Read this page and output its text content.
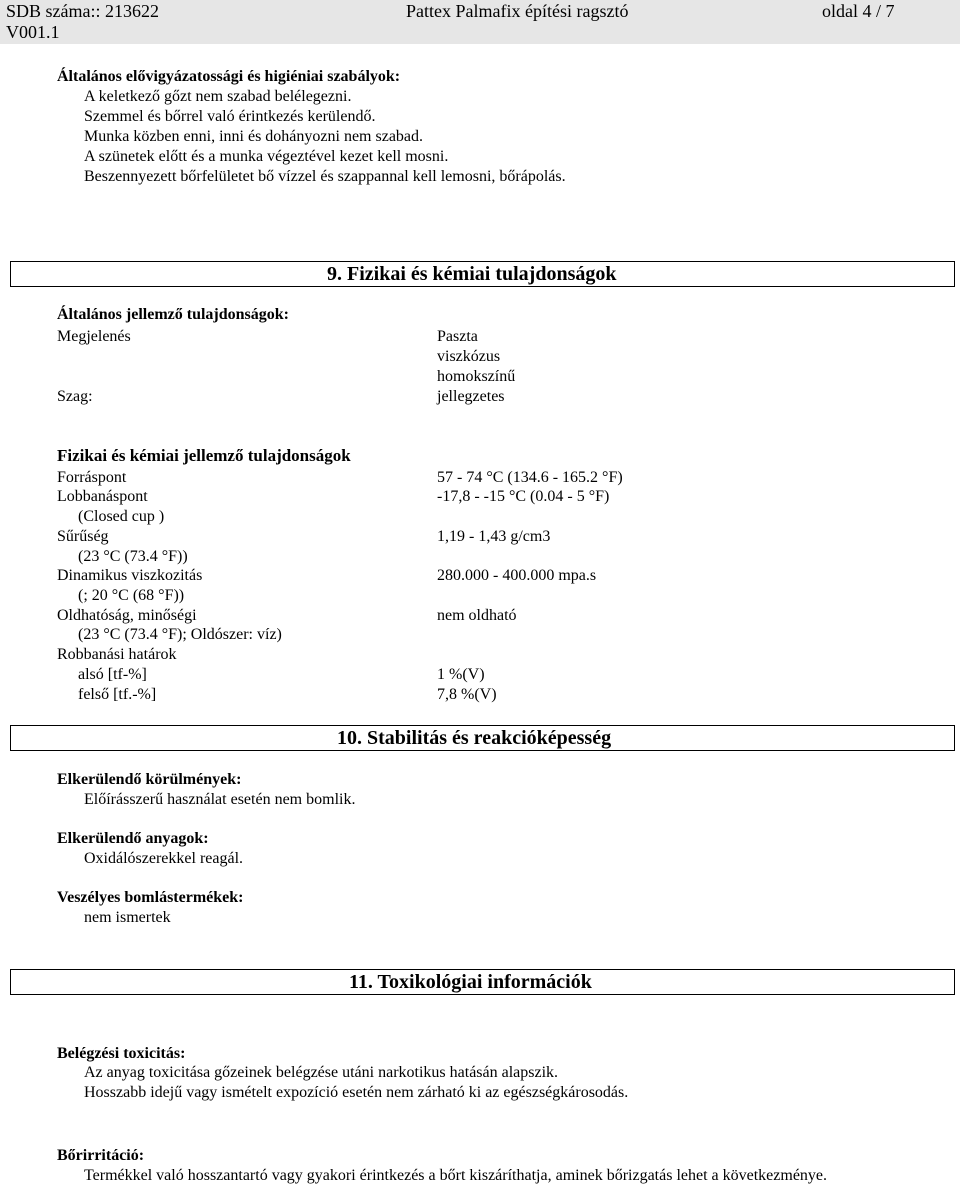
SDB száma:: 213622
V001.1
Pattex Palmafix építési ragsztó	oldal 4 / 7
Általános elővigyázatossági és higiéniai szabályok:
A keletkező gőzt nem szabad belélegezni.
Szemmel és bőrrel való érintkezés kerülendő.
Munka közben enni, inni és dohányozni nem szabad.
A szünetek előtt és a munka végeztével kezet kell mosni.
Beszennyezett bőrfelületet bő vízzel és szappannal kell lemosni, bőrápolás.
9. Fizikai és kémiai tulajdonságok
Általános jellemző tulajdonságok:
Megjelenés	Paszta
viszkózus
homokszínű
Szag:	jellegzetes
Fizikai és kémiai jellemző tulajdonságok
Forráspont	57 - 74 °C (134.6 - 165.2 °F)
Lobbanáspont	-17,8 - -15 °C (0.04 - 5 °F)
(Closed cup )
Sűrűség	1,19 - 1,43 g/cm3
(23 °C (73.4 °F))
Dinamikus viszkozitás	280.000 - 400.000 mpa.s
(; 20 °C (68 °F))
Oldhatóság, minőségi	nem oldható
(23 °C (73.4 °F); Oldószer: víz)
Robbanási határok
alsó [tf-%]	1 %(V)
felső [tf.-%]	7,8 %(V)
10. Stabilitás és reakcióképesség
Elkerülendő körülmények:
Előírásszerű használat esetén nem bomlik.
Elkerülendő anyagok:
Oxidálószerekkel reagál.
Veszélyes bomlástermékek:
nem ismertek
11. Toxikológiai információk
Belégzési toxicitás:
Az anyag toxicitása gőzeinek belégzése utáni narkotikus hatásán alapszik.
Hosszabb idejű vagy ismételt expozíció esetén nem zárható ki az egészségkárosodás.
Bőrirritáció:
Termékkel való hosszantartó vagy gyakori érintkezés a bőrt kiszáríthatja, aminek bőrizgatás lehet a következménye.
